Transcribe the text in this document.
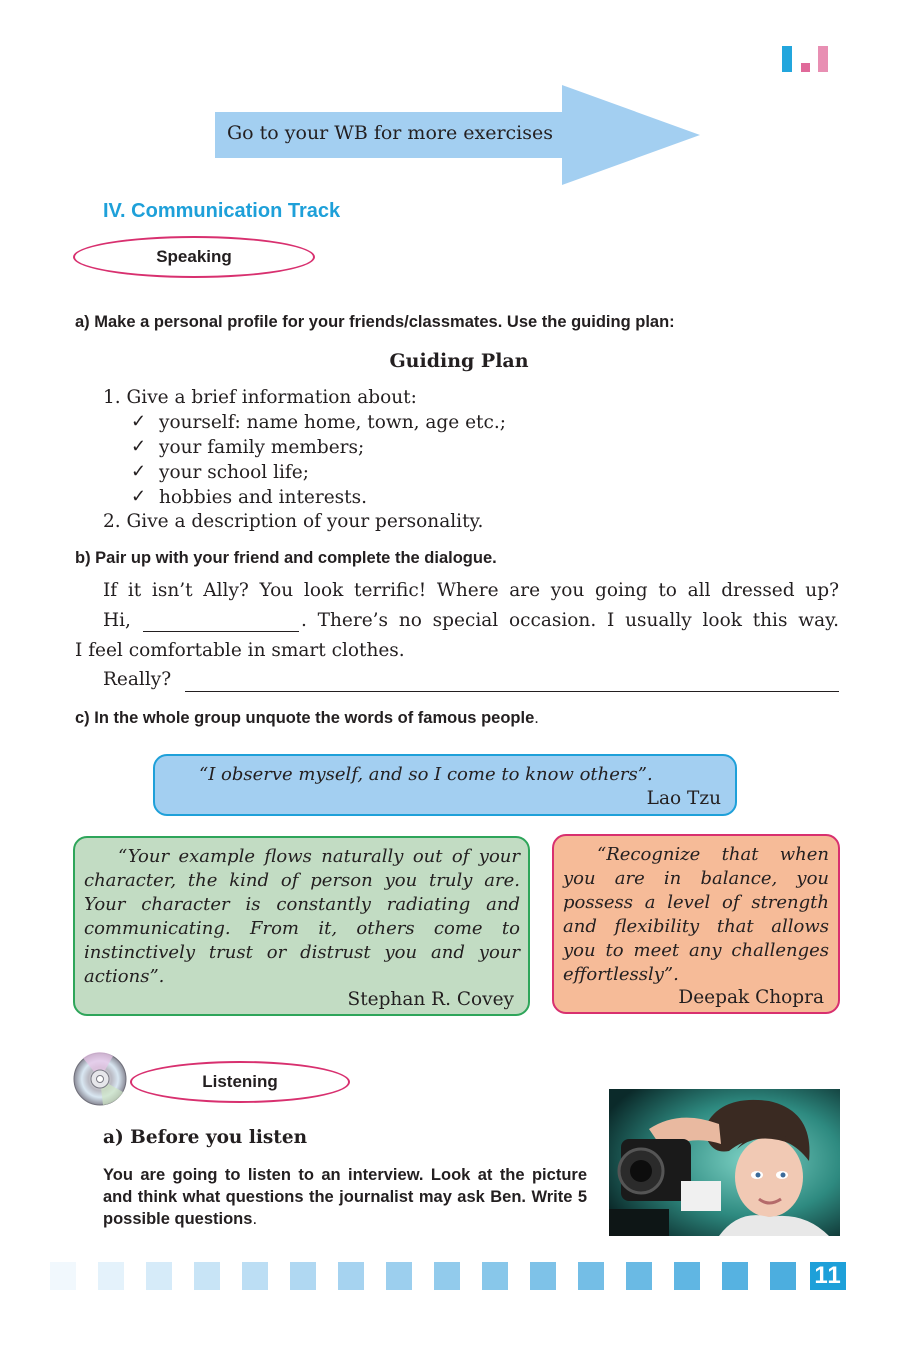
Go to your WB for more exercises
IV. Communication Track
Speaking
a) Make a personal profile for your friends/classmates. Use the guiding plan:
Guiding Plan
1. Give a brief information about:
✓ yourself: name home, town, age etc.;
✓ your family members;
✓ your school life;
✓ hobbies and interests.
2. Give a description of your personality.
b) Pair up with your friend and complete the dialogue.
If it isn’t Ally? You look terrific! Where are you going to all dressed up?
Hi,	. There’s no special occasion. I usually look this way.
I feel comfortable in smart clothes.
Really?
c) In the whole group unquote the words of famous people.
“I observe myself, and so I come to know others”.
Lao Tzu
“Your example flows naturally out of your character, the kind of person you truly are. Your character is constantly radiating and communicating. From it, others come to instinctively trust or distrust you and your actions”.
Stephan R. Covey
“Recognize that when you are in balance, you possess a level of strength and flexibility that allows you to meet any challenges effortlessly”.
Deepak Chopra
Listening
a) Before you listen
You are going to listen to an interview. Look at the picture and think what questions the journalist may ask Ben. Write 5 possible questions.
11
